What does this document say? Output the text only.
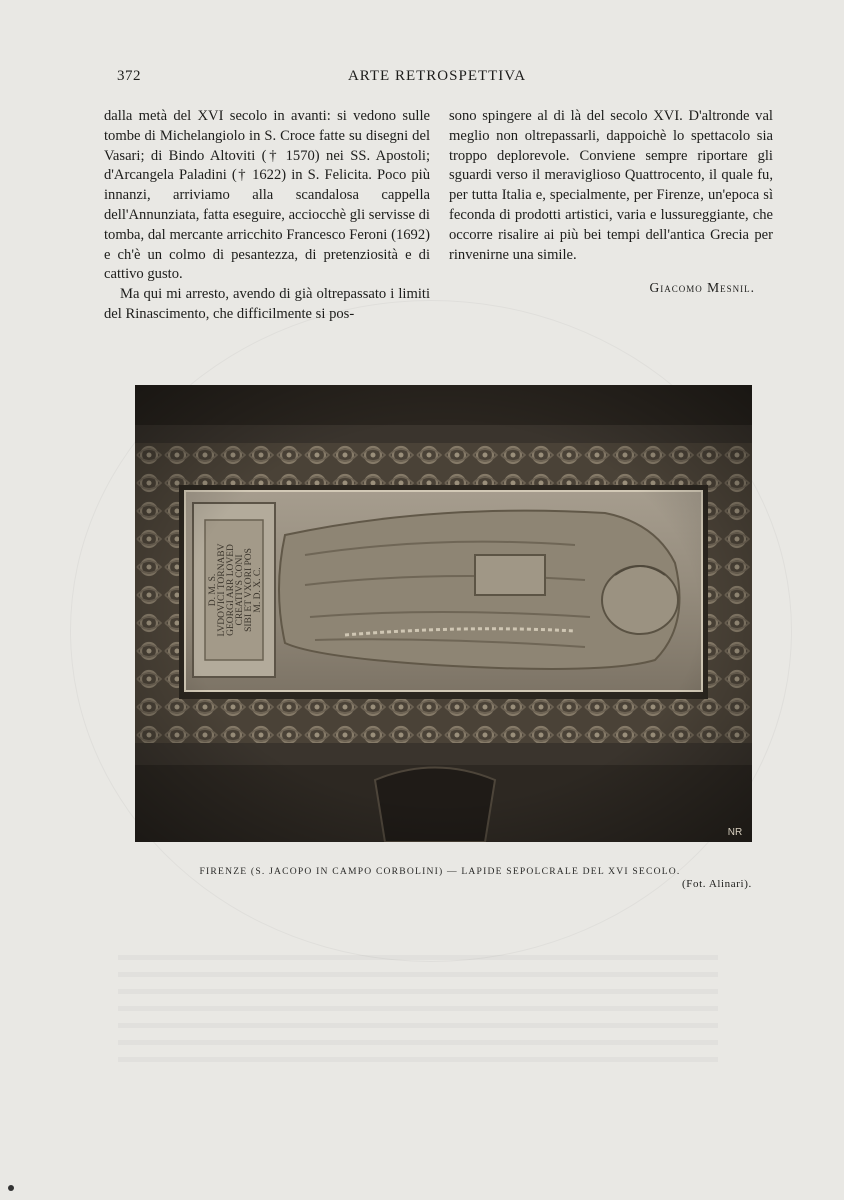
372	ARTE RETROSPETTIVA

dalla metà del XVI secolo in avanti: si vedono sulle tombe di Michelangiolo in S. Croce fatte su disegni del Vasari; di Bindo Altoviti († 1570) nei SS. Apostoli; d'Arcangela Paladini († 1622) in S. Felicita. Poco più innanzi, arriviamo alla scandalosa cappella dell'Annunziata, fatta eseguire, acciocchè gli servisse di tomba, dal mercante arricchito Francesco Feroni (1692) e ch'è un colmo di pesantezza, di pretenziosità e di cattivo gusto.

Ma qui mi arresto, avendo di già oltrepassato i limiti del Rinascimento, che difficilmente si pos-

sono spingere al di là del secolo XVI. D'altronde val meglio non oltrepassarli, dappoichè lo spettacolo sia troppo deplorevole. Conviene sempre riportare gli sguardi verso il meraviglioso Quattrocento, il quale fu, per tutta Italia e, specialmente, per Firenze, un'epoca sì feconda di prodotti artistici, varia e lussureggiante, che occorre risalire ai più bei tempi dell'antica Grecia per rinvenirne una simile.

Giacomo Mesnil.
NR
FIRENZE (S. JACOPO IN CAMPO CORBOLINI) — LAPIDE SEPOLCRALE DEL XVI SECOLO.
(Fot. Alinari).
